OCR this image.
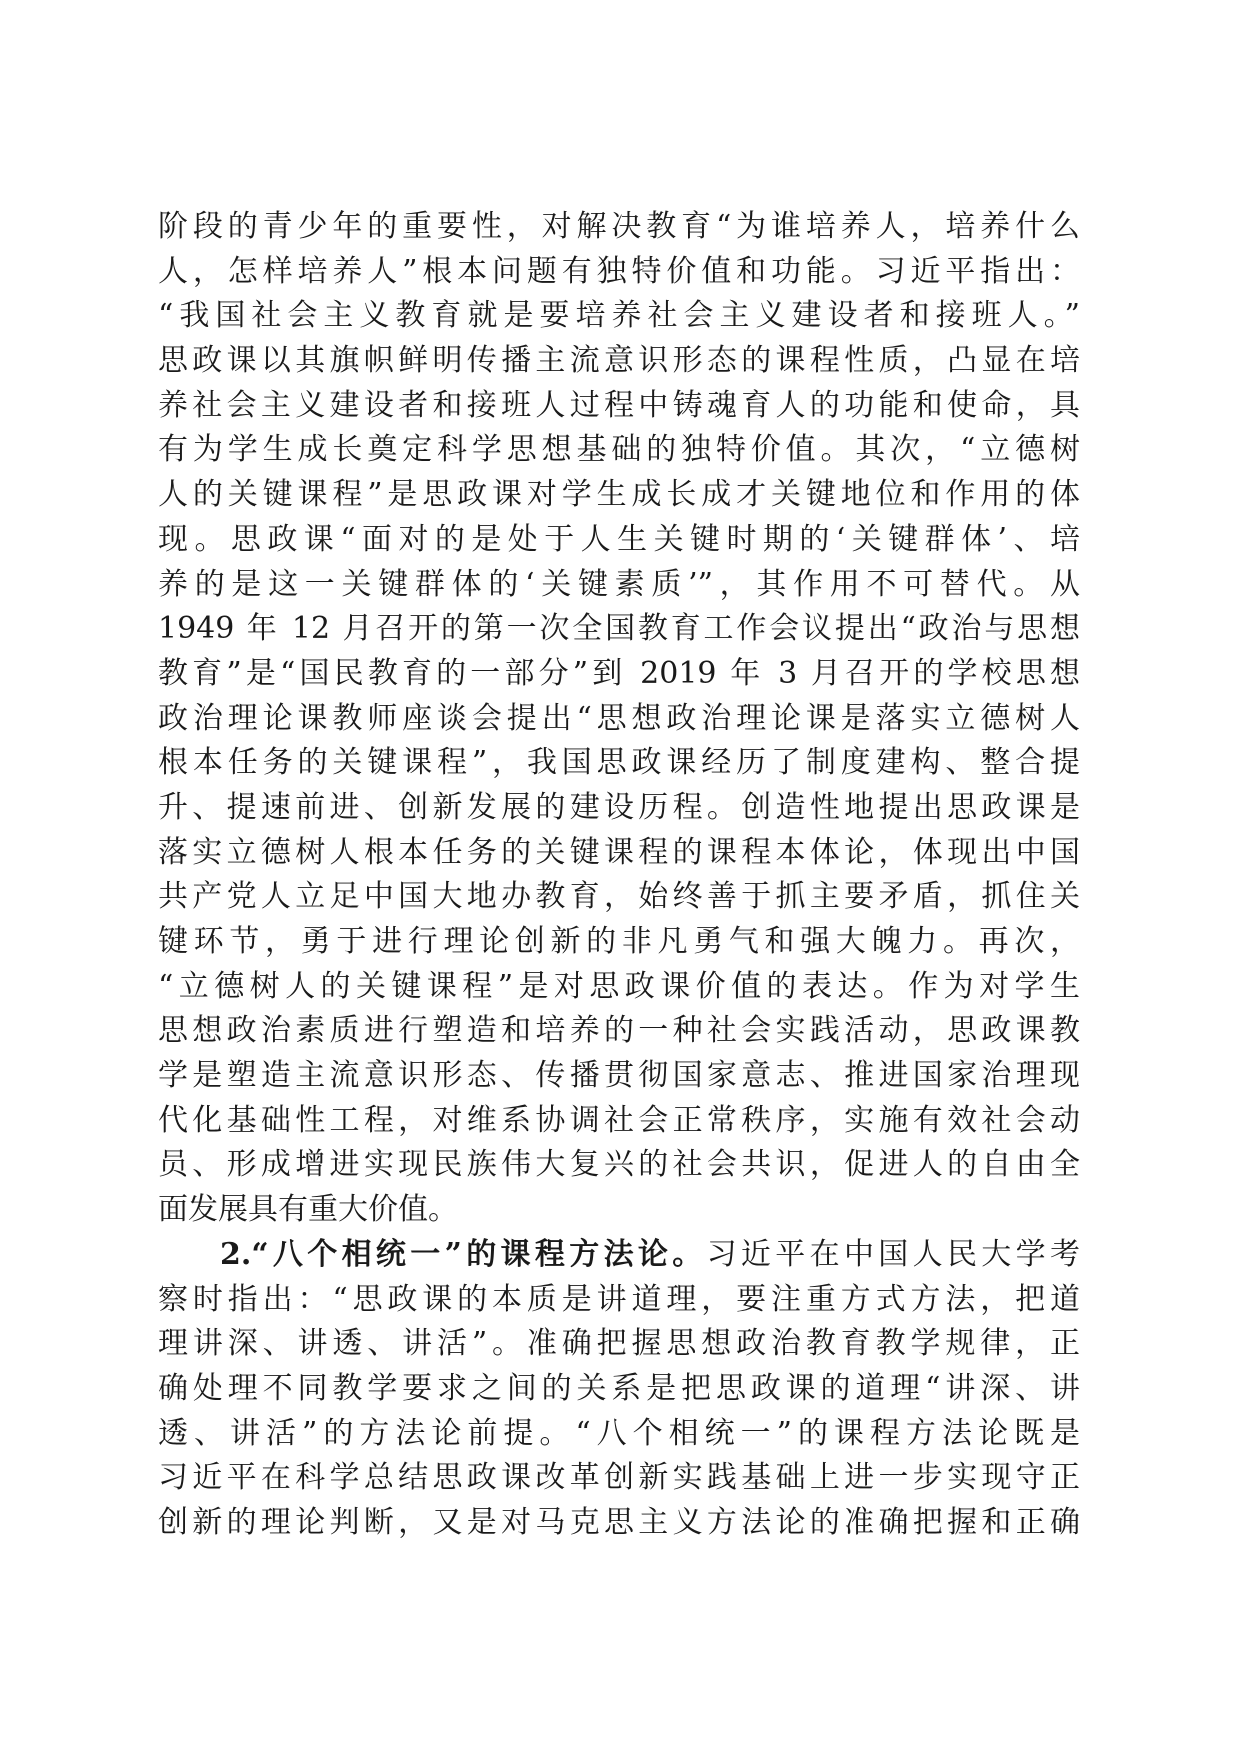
阶段的青少年的重要性，对解决教育“为谁培养人，培养什么
人，怎样培养人”根本问题有独特价值和功能。习近平指出：
“我国社会主义教育就是要培养社会主义建设者和接班人。”
思政课以其旗帜鲜明传播主流意识形态的课程性质，凸显在培
养社会主义建设者和接班人过程中铸魂育人的功能和使命，具
有为学生成长奠定科学思想基础的独特价值。其次，“立德树
人的关键课程”是思政课对学生成长成才关键地位和作用的体
现。思政课“面对的是处于人生关键时期的‘关键群体’、培
养的是这一关键群体的‘关键素质’”，其作用不可替代。从
1949 年 12 月召开的第一次全国教育工作会议提出“政治与思想
教育”是“国民教育的一部分”到 2019 年 3 月召开的学校思想
政治理论课教师座谈会提出“思想政治理论课是落实立德树人
根本任务的关键课程”，我国思政课经历了制度建构、整合提
升、提速前进、创新发展的建设历程。创造性地提出思政课是
落实立德树人根本任务的关键课程的课程本体论，体现出中国
共产党人立足中国大地办教育，始终善于抓主要矛盾，抓住关
键环节，勇于进行理论创新的非凡勇气和强大魄力。再次，
“立德树人的关键课程”是对思政课价值的表达。作为对学生
思想政治素质进行塑造和培养的一种社会实践活动，思政课教
学是塑造主流意识形态、传播贯彻国家意志、推进国家治理现
代化基础性工程，对维系协调社会正常秩序，实施有效社会动
员、形成增进实现民族伟大复兴的社会共识，促进人的自由全
面发展具有重大价值。
2.“八个相统一”的课程方法论。习近平在中国人民大学考
察时指出：“思政课的本质是讲道理，要注重方式方法，把道
理讲深、讲透、讲活”。准确把握思想政治教育教学规律，正
确处理不同教学要求之间的关系是把思政课的道理“讲深、讲
透、讲活”的方法论前提。“八个相统一”的课程方法论既是
习近平在科学总结思政课改革创新实践基础上进一步实现守正
创新的理论判断，又是对马克思主义方法论的准确把握和正确
